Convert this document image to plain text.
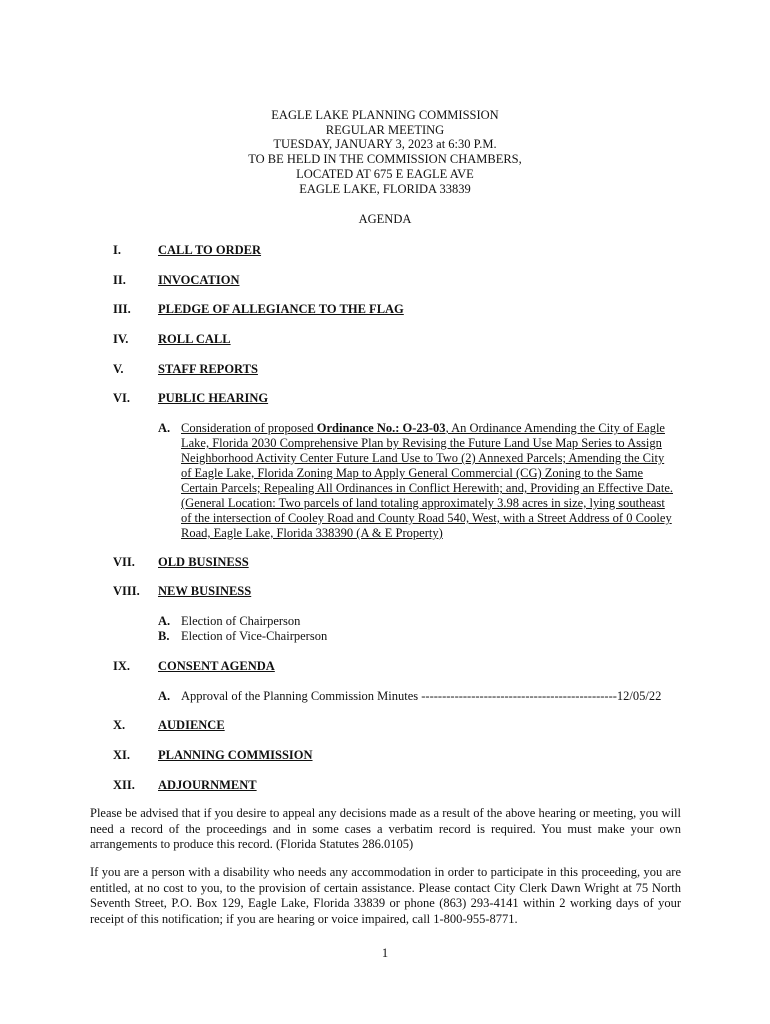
EAGLE LAKE PLANNING COMMISSION
REGULAR MEETING
TUESDAY, JANUARY 3, 2023 at 6:30 P.M.
TO BE HELD IN THE COMMISSION CHAMBERS,
LOCATED AT 675 E EAGLE AVE
EAGLE LAKE, FLORIDA 33839
AGENDA
I.	CALL TO ORDER
II.	INVOCATION
III.	PLEDGE OF ALLEGIANCE TO THE FLAG
IV.	ROLL CALL
V.	STAFF REPORTS
VI.	PUBLIC HEARING
A. Consideration of proposed Ordinance No.: O-23-03, An Ordinance Amending the City of Eagle
Lake, Florida 2030 Comprehensive Plan by Revising the Future Land Use Map Series to Assign
Neighborhood Activity Center Future Land Use to Two (2) Annexed Parcels; Amending the City
of Eagle Lake, Florida Zoning Map to Apply General Commercial (CG) Zoning to the Same
Certain Parcels; Repealing All Ordinances in Conflict Herewith; and, Providing an Effective Date.
(General Location: Two parcels of land totaling approximately 3.98 acres in size, lying southeast
of the intersection of Cooley Road and County Road 540, West, with a Street Address of 0 Cooley
Road, Eagle Lake, Florida 338390 (A & E Property)
VII.	OLD BUSINESS
VIII.	NEW BUSINESS
A. Election of Chairperson
B. Election of Vice-Chairperson
IX.	CONSENT AGENDA
A. Approval of the Planning Commission Minutes -----------------------------------------------12/05/22
X.	AUDIENCE
XI.	PLANNING COMMISSION
XII.	ADJOURNMENT
Please be advised that if you desire to appeal any decisions made as a result of the above hearing or meeting, you will
need a record of the proceedings and in some cases a verbatim record is required. You must make your own
arrangements to produce this record. (Florida Statutes 286.0105)
If you are a person with a disability who needs any accommodation in order to participate in this proceeding, you are
entitled, at no cost to you, to the provision of certain assistance. Please contact City Clerk Dawn Wright at 75 North
Seventh Street, P.O. Box 129, Eagle Lake, Florida 33839 or phone (863) 293-4141 within 2 working days of your
receipt of this notification; if you are hearing or voice impaired, call 1-800-955-8771.
1
